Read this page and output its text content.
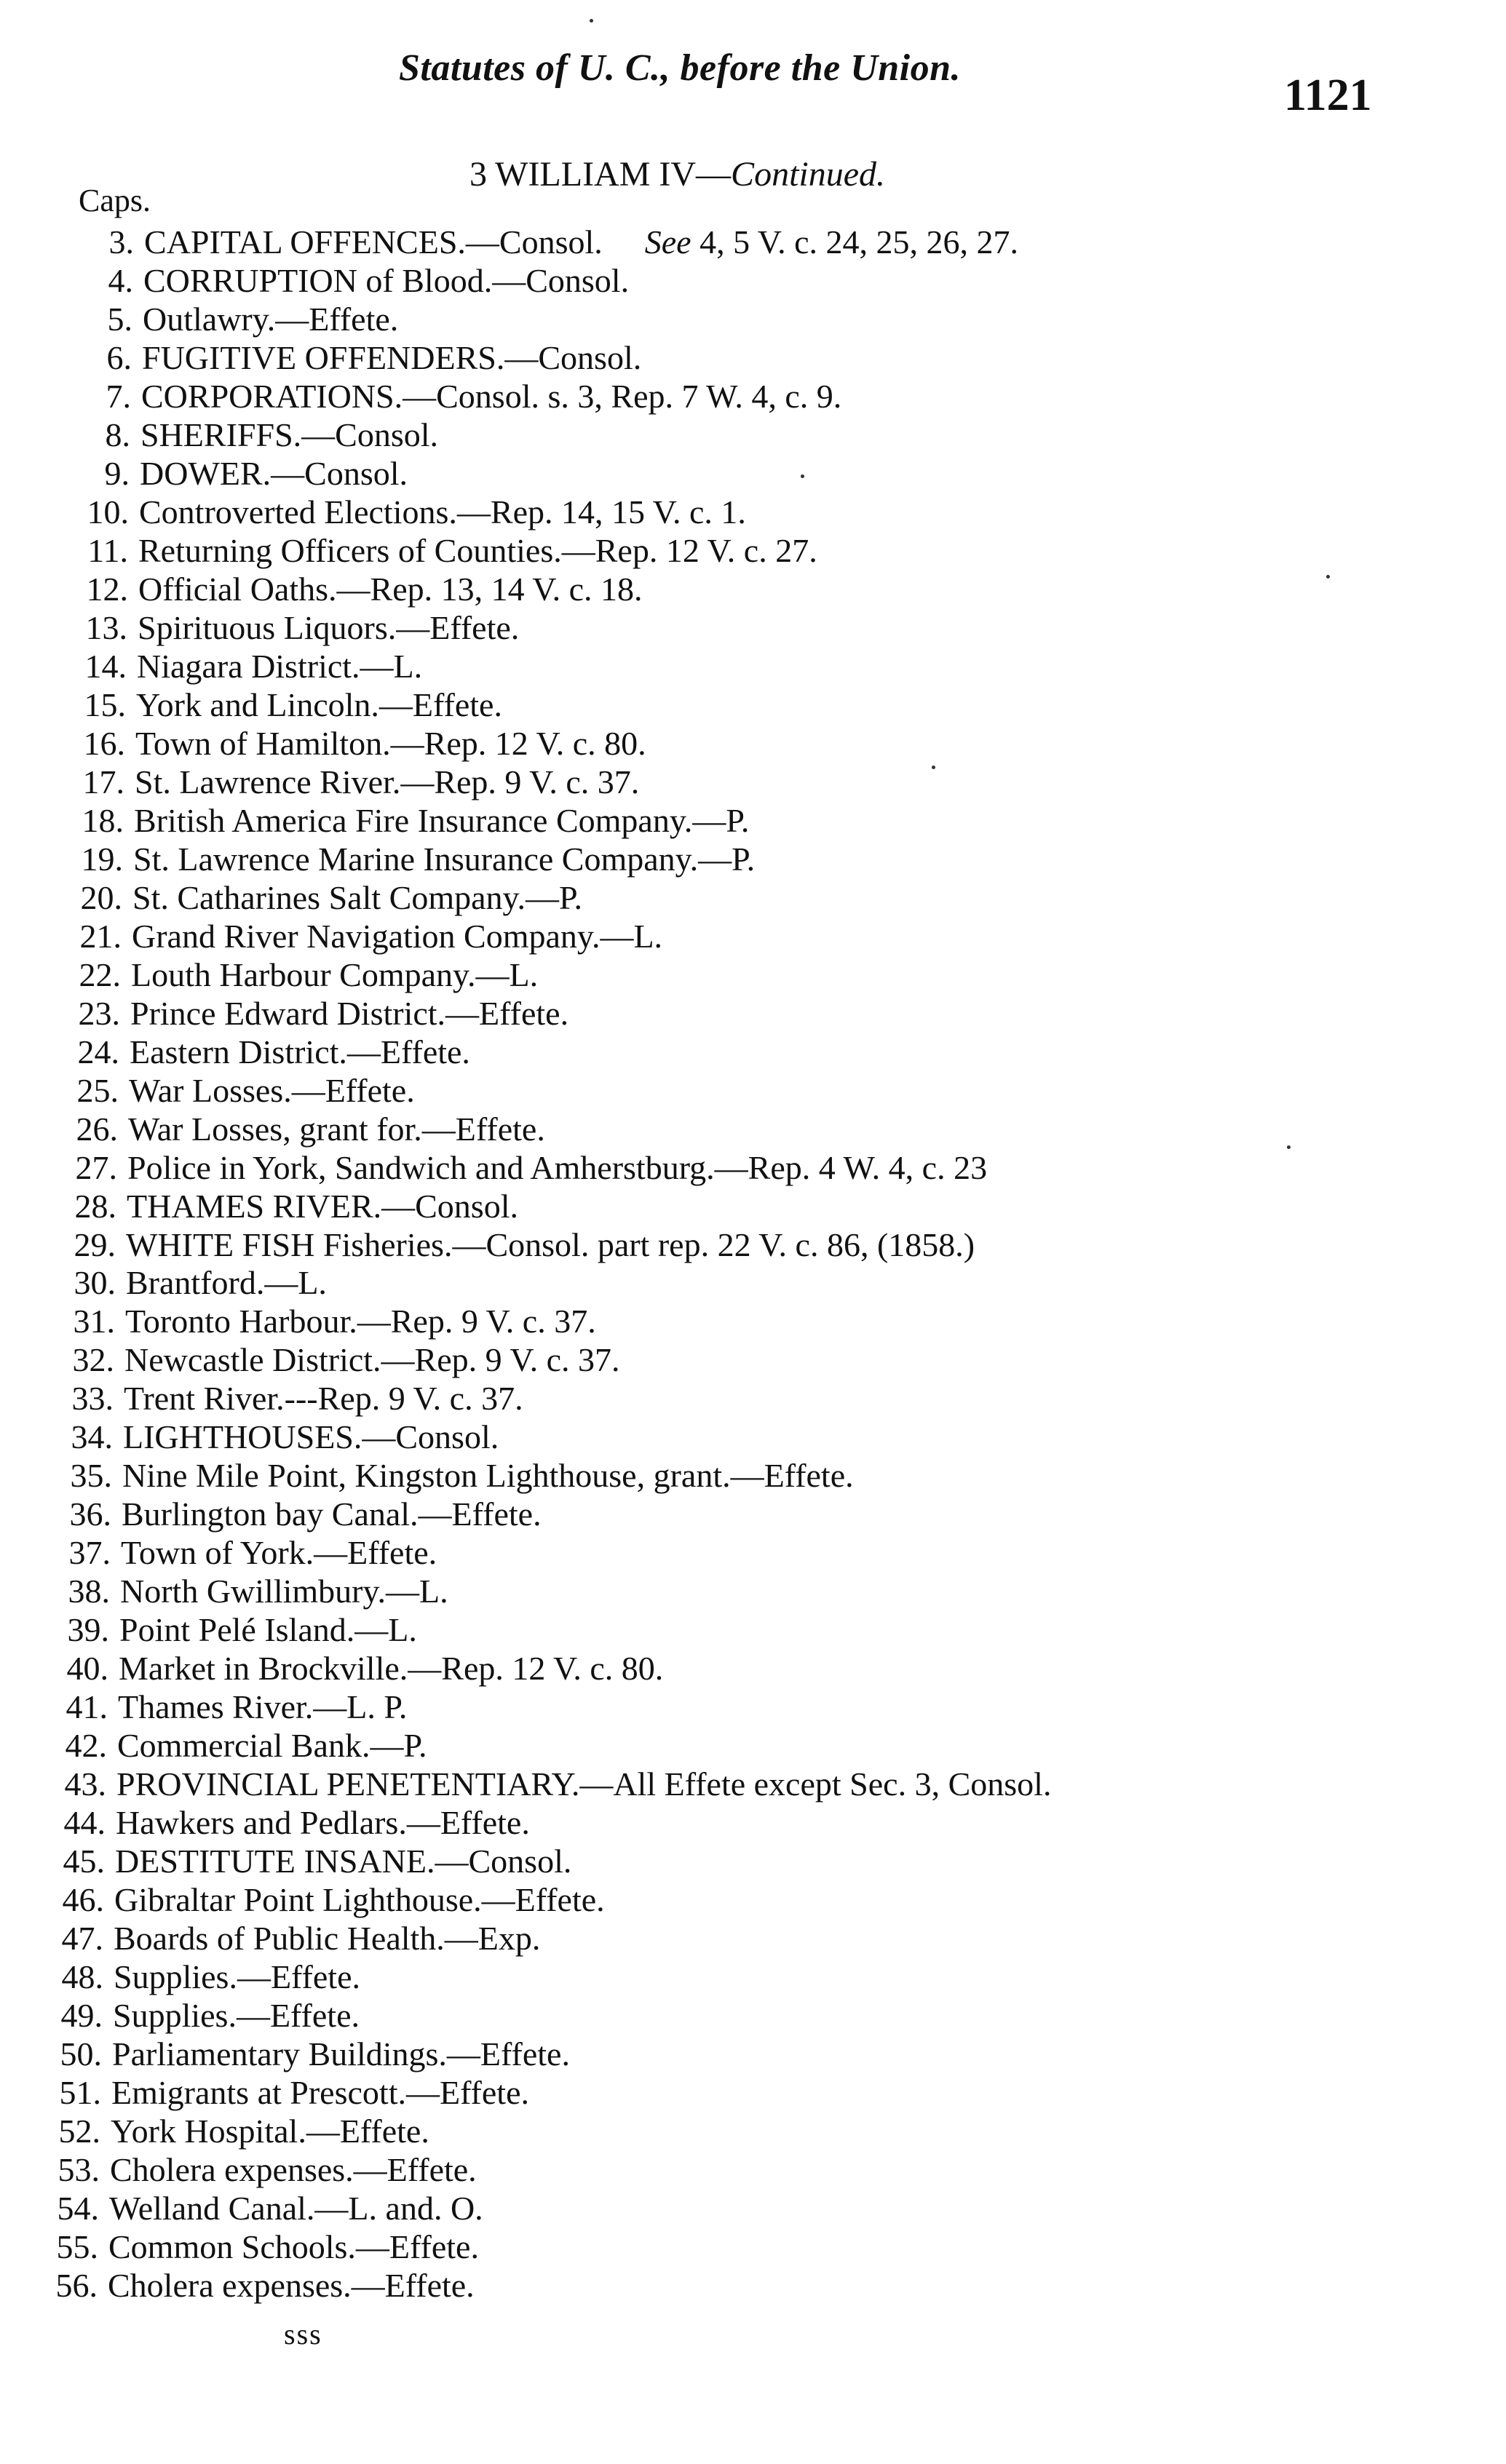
Statutes of U. C., before the Union.
1121
3 WILLIAM IV—Continued.
Caps.
3. CAPITAL OFFENCES.—Consol. See 4, 5 V. c. 24, 25, 26, 27.
4. CORRUPTION of Blood.—Consol.
5. Outlawry.—Effete.
6. FUGITIVE OFFENDERS.—Consol.
7. CORPORATIONS.—Consol. s. 3, Rep. 7 W. 4, c. 9.
8. SHERIFFS.—Consol.
9. DOWER.—Consol.
10. Controverted Elections.—Rep. 14, 15 V. c. 1.
11. Returning Officers of Counties.—Rep. 12 V. c. 27.
12. Official Oaths.—Rep. 13, 14 V. c. 18.
13. Spirituous Liquors.—Effete.
14. Niagara District.—L.
15. York and Lincoln.—Effete.
16. Town of Hamilton.—Rep. 12 V. c. 80.
17. St. Lawrence River.—Rep. 9 V. c. 37.
18. British America Fire Insurance Company.—P.
19. St. Lawrence Marine Insurance Company.—P.
20. St. Catharines Salt Company.—P.
21. Grand River Navigation Company.—L.
22. Louth Harbour Company.—L.
23. Prince Edward District.—Effete.
24. Eastern District.—Effete.
25. War Losses.—Effete.
26. War Losses, grant for.—Effete.
27. Police in York, Sandwich and Amherstburg.—Rep. 4 W. 4, c. 23
28. THAMES RIVER.—Consol.
29. WHITE FISH Fisheries.—Consol. part rep. 22 V. c. 86, (1858.)
30. Brantford.—L.
31. Toronto Harbour.—Rep. 9 V. c. 37.
32. Newcastle District.—Rep. 9 V. c. 37.
33. Trent River.---Rep. 9 V. c. 37.
34. LIGHTHOUSES.—Consol.
35. Nine Mile Point, Kingston Lighthouse, grant.—Effete.
36. Burlington bay Canal.—Effete.
37. Town of York.—Effete.
38. North Gwillimbury.—L.
39. Point Pelé Island.—L.
40. Market in Brockville.—Rep. 12 V. c. 80.
41. Thames River.—L. P.
42. Commercial Bank.—P.
43. PROVINCIAL PENETENTIARY.—All Effete except Sec. 3, Consol.
44. Hawkers and Pedlars.—Effete.
45. DESTITUTE INSANE.—Consol.
46. Gibraltar Point Lighthouse.—Effete.
47. Boards of Public Health.—Exp.
48. Supplies.—Effete.
49. Supplies.—Effete.
50. Parliamentary Buildings.—Effete.
51. Emigrants at Prescott.—Effete.
52. York Hospital.—Effete.
53. Cholera expenses.—Effete.
54. Welland Canal.—L. and. O.
55. Common Schools.—Effete.
56. Cholera expenses.—Effete.
sss
